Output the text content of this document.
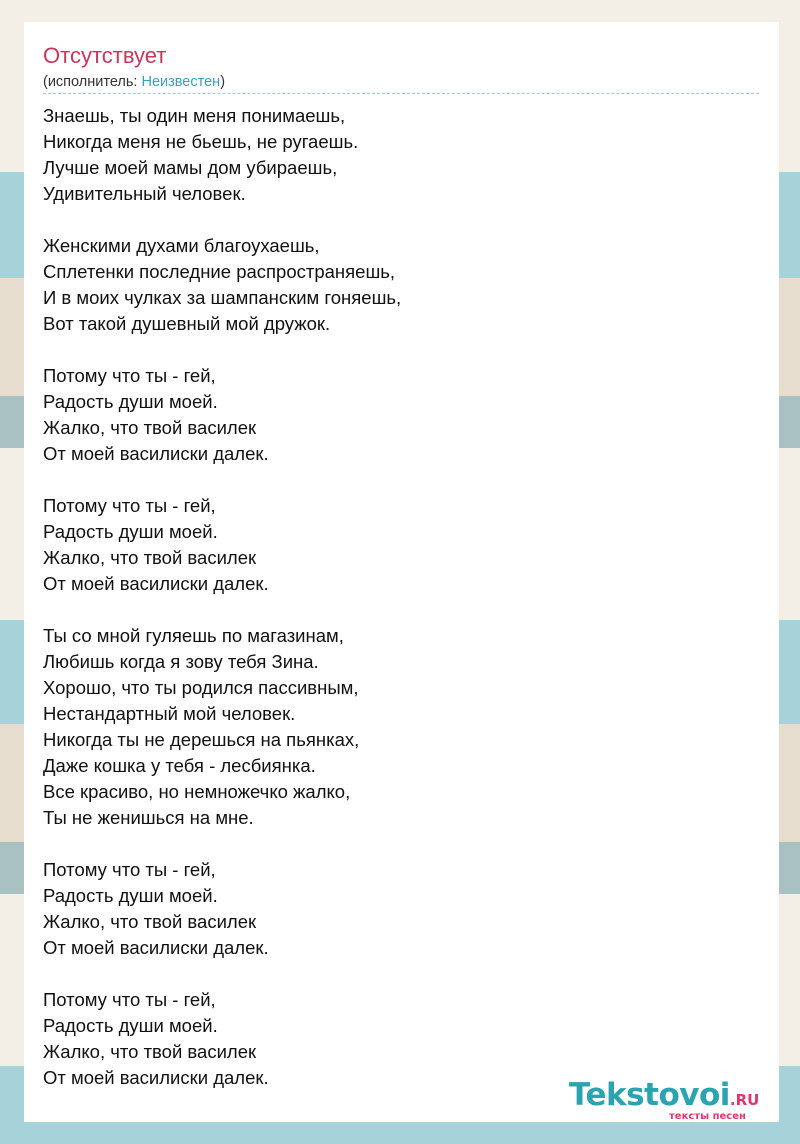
Отсутствует
(исполнитель: Неизвестен)
Знаешь, ты один меня понимаешь,
Никогда меня не бьешь, не ругаешь.
Лучше моей мамы дом убираешь,
Удивительный человек.
Женскими духами благоухаешь,
Сплетенки последние распространяешь,
И в моих чулках за шампанским гоняешь,
Вот такой душевный мой дружок.
Потому что ты - гей,
Радость души моей.
Жалко, что твой василек
От моей василиски далек.
Потому что ты - гей,
Радость души моей.
Жалко, что твой василек
От моей василиски далек.
Ты со мной гуляешь по магазинам,
Любишь когда я зову тебя Зина.
Хорошо, что ты родился пассивным,
Нестандартный мой человек.
Никогда ты не дерешься на пьянках,
Даже кошка у тебя - лесбиянка.
Все красиво, но немножечко жалко,
Ты не женишься на мне.
Потому что ты - гей,
Радость души моей.
Жалко, что твой василек
От моей василиски далек.
Потому что ты - гей,
Радость души моей.
Жалко, что твой василек
От моей василиски далек.	Tekstovoi.RU
тексты песен
